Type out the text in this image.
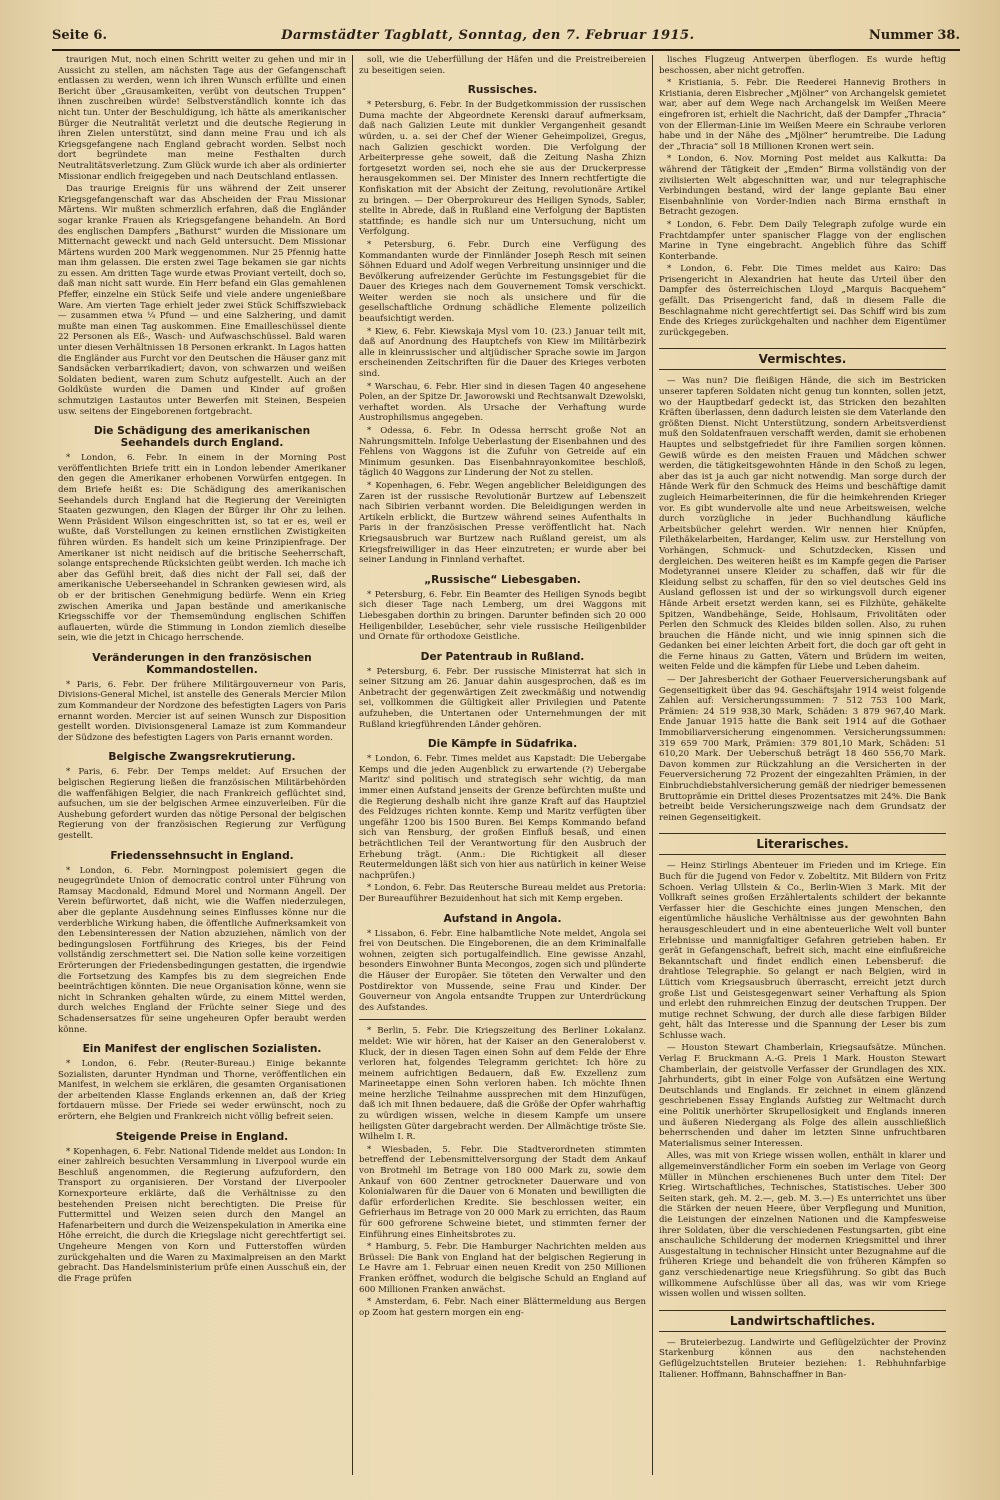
Seite 6.	Darmstädter Tagblatt, Sonntag, den 7. Februar 1915.	Nummer 38.

traurigen Mut, noch einen Schritt weiter zu gehen und mir in Aussicht zu stellen, am nächsten Tage aus der Gefangenschaft entlassen zu werden, wenn ich ihren Wunsch erfüllte und einen Bericht über „Grausamkeiten, verübt von deutschen Truppen“ ihnen zuschreiben würde! Selbstverständlich konnte ich das nicht tun. Unter der Beschuldigung, ich hätte als amerikanischer Bürger die Neutralität verletzt und die deutsche Regierung in ihren Zielen unterstützt, sind dann meine Frau und ich als Kriegsgefangene nach England gebracht worden. Selbst noch dort begründete man meine Festhalten durch Neutralitätsverletzung. Zum Glück wurde ich aber als ordinierter Missionar endlich freigegeben und nach Deutschland entlassen.

Das traurige Ereignis für uns während der Zeit unserer Kriegsgefangenschaft war das Abscheiden der Frau Missionar Märtens. Wir mußten schmerzlich erfahren, daß die Engländer sogar kranke Frauen als Kriegsgefangene behandeln. An Bord des englischen Dampfers „Bathurst“ wurden die Missionare um Mitternacht geweckt und nach Geld untersucht. Dem Missionar Märtens wurden 200 Mark weggenommen. Nur 25 Pfennig hatte man ihm gelassen. Die ersten zwei Tage bekamen sie gar nichts zu essen. Am dritten Tage wurde etwas Proviant verteilt, doch so, daß man nicht satt wurde. Ein Herr befand ein Glas gemahlenen Pfeffer, einzelne ein Stück Seife und viele andere ungenießbare Ware. Am vierten Tage erhielt jeder zwei Stück Schiffszwieback — zusammen etwa ¼ Pfund — und eine Salzhering, und damit mußte man einen Tag auskommen. Eine Emailleschüssel diente 22 Personen als Eß-, Wasch- und Aufwaschschüssel. Bald waren unter diesen Verhältnissen 18 Personen erkrankt. In Lagos hatten die Engländer aus Furcht vor den Deutschen die Häuser ganz mit Sandsäcken verbarrikadiert; davon, von schwarzen und weißen Soldaten bedient, waren zum Schutz aufgestellt. Auch an der Goldküste wurden die Damen und Kinder auf großen schmutzigen Lastautos unter Bewerfen mit Steinen, Bespeien usw. seitens der Eingeborenen fortgebracht.

Die Schädigung des amerikanischen Seehandels durch England.

* London, 6. Febr. In einem in der Morning Post veröffentlichten Briefe tritt ein in London lebender Amerikaner den gegen die Amerikaner erhobenen Vorwürfen entgegen. In dem Briefe heißt es: Die Schädigung des amerikanischen Seehandels durch England hat die Regierung der Vereinigten Staaten gezwungen, den Klagen der Bürger ihr Ohr zu leihen. Wenn Präsident Wilson eingeschritten ist, so tat er es, weil er wußte, daß Vorstellungen zu keinen ernstlichen Zwistigkeiten führen würden. Es handelt sich um keine Prinzipienfrage. Der Amerikaner ist nicht neidisch auf die britische Seeherrschaft, solange entsprechende Rücksichten geübt werden. Ich mache ich aber das Gefühl breit, daß dies nicht der Fall sei, daß der amerikanische Ueberseehandel in Schranken gewiesen wird, als ob er der britischen Genehmigung bedürfe. Wenn ein Krieg zwischen Amerika und Japan bestände und amerikanische Kriegsschiffe vor der Themsemündung englischen Schiffen auflauerten, würde die Stimmung in London ziemlich dieselbe sein, wie die jetzt in Chicago herrschende.

Veränderungen in den französischen Kommandostellen.

* Paris, 6. Febr. Der frühere Militärgouverneur von Paris, Divisions-General Michel, ist anstelle des Generals Mercier Milon zum Kommandeur der Nordzone des befestigten Lagers von Paris ernannt worden. Mercier ist auf seinen Wunsch zur Disposition gestellt worden. Divisionsgeneral Lamaze ist zum Kommandeur der Südzone des befestigten Lagers von Paris ernannt worden.

Belgische Zwangsrekrutierung.

* Paris, 6. Febr. Der Temps meldet: Auf Ersuchen der belgischen Regierung ließen die französischen Militärbehörden die waffenfähigen Belgier, die nach Frankreich geflüchtet sind, aufsuchen, um sie der belgischen Armee einzuverleiben. Für die Aushebung gefordert wurden das nötige Personal der belgischen Regierung von der französischen Regierung zur Verfügung gestellt.

Friedenssehnsucht in England.

* London, 6. Febr. Morningpost polemisiert gegen die neugegründete Union of democratic control unter Führung von Ramsay Macdonald, Edmund Morel und Normann Angell. Der Verein befürwortet, daß nicht, wie die Waffen niederzulegen, aber die geplante Ausdehnung seines Einflusses könne nur die verderbliche Wirkung haben, die öffentliche Aufmerksamkeit von den Lebensinteressen der Nation abzuziehen, nämlich von der bedingungslosen Fortführung des Krieges, bis der Feind vollständig zerschmettert sei. Die Nation solle keine vorzeitigen Erörterungen der Friedensbedingungen gestatten, die irgendwie die Fortsetzung des Kampfes bis zu dem siegreichen Ende beeinträchtigen könnten. Die neue Organisation könne, wenn sie nicht in Schranken gehalten würde, zu einem Mittel werden, durch welches England der Früchte seiner Siege und des Schadensersatzes für seine ungeheuren Opfer beraubt werden könne.

Ein Manifest der englischen Sozialisten.

* London, 6. Febr. (Reuter-Bureau.) Einige bekannte Sozialisten, darunter Hyndman und Thorne, veröffentlichen ein Manifest, in welchem sie erklären, die gesamten Organisationen der arbeitenden Klasse Englands erkennen an, daß der Krieg fortdauern müsse. Der Friede sei weder erwünscht, noch zu erörtern, ehe Belgien und Frankreich nicht völlig befreit seien.

Steigende Preise in England.

* Kopenhagen, 6. Febr. National Tidende meldet aus London: In einer zahlreich besuchten Versammlung in Liverpool wurde ein Beschluß angenommen, die Regierung aufzufordern, den Transport zu organisieren. Der Vorstand der Liverpooler Kornexporteure erklärte, daß die Verhältnisse zu den bestehenden Preisen nicht berechtigten. Die Preise für Futtermittel und Weizen seien durch den Mangel an Hafenarbeitern und durch die Weizenspekulation in Amerika eine Höhe erreicht, die durch die Kriegslage nicht gerechtfertigt sei. Ungeheure Mengen von Korn und Futterstoffen würden zurückgehalten und die Waren zu Maximalpreisen an den Markt gebracht. Das Handelsministerium prüfe einen Ausschuß ein, der die Frage prüfen

soll, wie die Ueberfüllung der Häfen und die Preistreibereien zu beseitigen seien.

Russisches.

* Petersburg, 6. Febr. In der Budgetkommission der russischen Duma machte der Abgeordnete Kerenski darauf aufmerksam, daß nach Galizien Leute mit dunkler Vergangenheit gesandt würden, u. a. sei der Chef der Wiener Geheimpolizei, Gregus, nach Galizien geschickt worden. Die Verfolgung der Arbeiterpresse gehe soweit, daß die Zeitung Nasha Zhizn fortgesetzt worden sei, noch ehe sie aus der Druckerpresse herausgekommen sei. Der Minister des Innern rechtfertigte die Konfiskation mit der Absicht der Zeitung, revolutionäre Artikel zu bringen. — Der Oberprokureur des Heiligen Synods, Sabler, stellte in Abrede, daß in Rußland eine Verfolgung der Baptisten stattfinde; es handle sich nur um Untersuchung, nicht um Verfolgung.

* Petersburg, 6. Febr. Durch eine Verfügung des Kommandanten wurde der Finnländer Joseph Resch mit seinen Söhnen Eduard und Adolf wegen Verbreitung unsinniger und die Bevölkerung aufreizender Gerüchte im Festungsgebiet für die Dauer des Krieges nach dem Gouvernement Tomsk verschickt. Weiter werden sie noch als unsichere und für die gesellschaftliche Ordnung schädliche Elemente polizeilich beaufsichtigt werden.

* Kiew, 6. Febr. Kiewskaja Mysl vom 10. (23.) Januar teilt mit, daß auf Anordnung des Hauptchefs von Kiew im Militärbezirk alle in kleinrussischer und altjüdischer Sprache sowie im Jargon erscheinenden Zeitschriften für die Dauer des Krieges verboten sind.

* Warschau, 6. Febr. Hier sind in diesen Tagen 40 angesehene Polen, an der Spitze Dr. Jaworowski und Rechtsanwalt Dzewolski, verhaftet worden. Als Ursache der Verhaftung wurde Austrophilismus angegeben.

* Odessa, 6. Febr. In Odessa herrscht große Not an Nahrungsmitteln. Infolge Ueberlastung der Eisenbahnen und des Fehlens von Waggons ist die Zufuhr von Getreide auf ein Minimum gesunken. Das Eisenbahnrayonkomitee beschloß, täglich 40 Waggons zur Linderung der Not zu stellen.

* Kopenhagen, 6. Febr. Wegen angeblicher Beleidigungen des Zaren ist der russische Revolutionär Burtzew auf Lebenszeit nach Sibirien verbannt worden. Die Beleidigungen werden in Artikeln erblickt, die Burtzew während seines Aufenthalts in Paris in der französischen Presse veröffentlicht hat. Nach Kriegsausbruch war Burtzew nach Rußland gereist, um als Kriegsfreiwilliger in das Heer einzutreten; er wurde aber bei seiner Landung in Finnland verhaftet.

„Russische“ Liebesgaben.

* Petersburg, 6. Febr. Ein Beamter des Heiligen Synods begibt sich dieser Tage nach Lemberg, um drei Waggons mit Liebesgaben dorthin zu bringen. Darunter befinden sich 20 000 Heiligenbilder, Lesebücher, sehr viele russische Heiligenbilder und Ornate für orthodoxe Geistliche.

Der Patentraub in Rußland.

* Petersburg, 6. Febr. Der russische Ministerrat hat sich in seiner Sitzung am 26. Januar dahin ausgesprochen, daß es im Anbetracht der gegenwärtigen Zeit zweckmäßig und notwendig sei, vollkommen die Gültigkeit aller Privilegien und Patente aufzuheben, die Untertanen oder Unternehmungen der mit Rußland kriegführenden Länder gehören.

Die Kämpfe in Südafrika.

* London, 6. Febr. Times meldet aus Kapstadt: Die Uebergabe Kemps und die jeden Augenblick zu erwartende (?) Uebergabe Maritz' sind politisch und strategisch sehr wichtig, da man immer einen Aufstand jenseits der Grenze befürchten mußte und die Regierung deshalb nicht ihre ganze Kraft auf das Hauptziel des Feldzuges richten konnte. Kemp und Maritz verfügten über ungefähr 1200 bis 1500 Buren. Bei Kemps Kommando befand sich van Rensburg, der großen Einfluß besaß, und einen beträchtlichen Teil der Verantwortung für den Ausbruch der Erhebung trägt. (Anm.: Die Richtigkeit all dieser Reutermeldungen läßt sich von hier aus natürlich in keiner Weise nachprüfen.)

* London, 6. Febr. Das Reutersche Bureau meldet aus Pretoria: Der Bureauführer Bezuidenhout hat sich mit Kemp ergeben.

Aufstand in Angola.

* Lissabon, 6. Febr. Eine halbamtliche Note meldet, Angola sei frei von Deutschen. Die Eingeborenen, die an dem Kriminalfalle wohnen, zeigten sich portugalfeindlich. Eine gewisse Anzahl, besonders Einwohner Bunta Mecongos, zogen sich und plünderte die Häuser der Europäer. Sie töteten den Verwalter und den Postdirektor von Mussende, seine Frau und Kinder. Der Gouverneur von Angola entsandte Truppen zur Unterdrückung des Aufstandes.

* Berlin, 5. Febr. Die Kriegszeitung des Berliner Lokalanz. meldet: Wie wir hören, hat der Kaiser an den Generaloberst v. Kluck, der in diesen Tagen einen Sohn auf dem Felde der Ehre verloren hat, folgendes Telegramm gerichtet: Ich höre zu meinem aufrichtigen Bedauern, daß Ew. Exzellenz zum Marineetappe einen Sohn verloren haben. Ich möchte Ihnen meine herzliche Teilnahme aussprechen mit dem Hinzufügen, daß ich mit Ihnen bedauere, daß die Größe der Opfer wahrhaftig zu würdigen wissen, welche in diesem Kampfe um unsere heiligsten Güter dargebracht werden. Der Allmächtige tröste Sie. Wilhelm I. R.

* Wiesbaden, 5. Febr. Die Stadtverordneten stimmten betreffend der Lebensmittelversorgung der Stadt dem Ankauf von Brotmehl im Betrage von 180 000 Mark zu, sowie dem Ankauf von 600 Zentner getrockneter Dauerware und von Kolonialwaren für die Dauer von 6 Monaten und bewilligten die dafür erforderlichen Kredite. Sie beschlossen weiter, ein Gefrierhaus im Betrage von 20 000 Mark zu errichten, das Raum für 600 gefrorene Schweine bietet, und stimmten ferner der Einführung eines Einheitsbrotes zu.

* Hamburg, 5. Febr. Die Hamburger Nachrichten melden aus Brüssel: Die Bank von England hat der belgischen Regierung in Le Havre am 1. Februar einen neuen Kredit von 250 Millionen Franken eröffnet, wodurch die belgische Schuld an England auf 600 Millionen Franken anwächst.

* Amsterdam, 6. Febr. Nach einer Blättermeldung aus Bergen op Zoom hat gestern morgen ein eng-

lisches Flugzeug Antwerpen überflogen. Es wurde heftig beschossen, aber nicht getroffen.

* Kristiania, 5. Febr. Die Reederei Hannevig Brothers in Kristiania, deren Eisbrecher „Mjölner“ von Archangelsk gemietet war, aber auf dem Wege nach Archangelsk im Weißen Meere eingefroren ist, erhielt die Nachricht, daß der Dampfer „Thracia“ von der Ellerman-Linie im Weißen Meere ein Schraube verloren habe und in der Nähe des „Mjölner“ herumtreibe. Die Ladung der „Thracia“ soll 18 Millionen Kronen wert sein.

* London, 6. Nov. Morning Post meldet aus Kalkutta: Da während der Tätigkeit der „Emden“ Birma vollständig von der zivilisierten Welt abgeschnitten war, und nur telegraphische Verbindungen bestand, wird der lange geplante Bau einer Eisenbahnlinie von Vorder-Indien nach Birma ernsthaft in Betracht gezogen.

* London, 6. Febr. Dem Daily Telegraph zufolge wurde ein Frachtdampfer unter spanischer Flagge von der englischen Marine in Tyne eingebracht. Angeblich führe das Schiff Konterbande.

* London, 6. Febr. Die Times meldet aus Kairo: Das Prisengericht in Alexandrien hat heute das Urteil über den Dampfer des österreichischen Lloyd „Marquis Bacquehem“ gefällt. Das Prisengericht fand, daß in diesem Falle die Beschlagnahme nicht gerechtfertigt sei. Das Schiff wird bis zum Ende des Krieges zurückgehalten und nachher dem Eigentümer zurückgegeben.

Vermischtes.

— Was nun? Die fleißigen Hände, die sich im Bestricken unserer tapferen Soldaten nicht genug tun konnten, sollen jetzt, wo der Hauptbedarf gedeckt ist, das Stricken den bezahlten Kräften überlassen, denn dadurch leisten sie dem Vaterlande den größten Dienst. Nicht Unterstützung, sondern Arbeitsverdienst muß den Soldatenfrauen verschafft werden, damit sie erhobenen Hauptes und selbstgefriedet für ihre Familien sorgen können. Gewiß würde es den meisten Frauen und Mädchen schwer werden, die tätigkeitsgewohnten Hände in den Schoß zu legen, aber das ist ja auch gar nicht notwendig. Man sorge durch der Hände Werk für den Schmuck des Heims und beschäftige damit zugleich Heimarbeiterinnen, die für die heimkehrenden Krieger vor. Es gibt wundervolle alte und neue Arbeitsweisen, welche durch vorzügliche in jeder Buchhandlung käufliche Arbeitsbücher gelehrt werden. Wir nennen hier Knüpfen, Filethäkelarbeiten, Hardanger, Kelim usw. zur Herstellung von Vorhängen, Schmuck- und Schutzdecken, Kissen und dergleichen. Des weiteren heißt es im Kampfe gegen die Pariser Modetyrannei unsere Kleider zu schaffen, daß wir für die Kleidung selbst zu schaffen, für den so viel deutsches Geld ins Ausland geflossen ist und der so wirkungsvoll durch eigener Hände Arbeit ersetzt werden kann, sei es Filzhüte, gehäkelte Spitzen, Wandbehänge, Seide, Hohlsaum, Frivolitäten oder Perlen den Schmuck des Kleides bilden sollen. Also, zu ruhen brauchen die Hände nicht, und wie innig spinnen sich die Gedanken bei einer leichten Arbeit fort, die doch gar oft geht in die Ferne hinaus zu Gatten, Vätern und Brüdern im weiten, weiten Felde und die kämpfen für Liebe und Leben daheim.

— Der Jahresbericht der Gothaer Feuerversicherungsbank auf Gegenseitigkeit über das 94. Geschäftsjahr 1914 weist folgende Zahlen auf: Versicherungssummen: 7 512 753 100 Mark, Prämien: 24 519 938,30 Mark, Schäden: 3 879 967,40 Mark. Ende Januar 1915 hatte die Bank seit 1914 auf die Gothaer Immobiliarversicherung eingenommen. Versicherungssummen: 319 659 700 Mark, Prämien: 379 801,10 Mark, Schäden: 51 610,20 Mark. Der Ueberschuß beträgt 18 460 556,70 Mark. Davon kommen zur Rückzahlung an die Versicherten in der Feuerversicherung 72 Prozent der eingezahlten Prämien, in der Einbruchdiebstahlversicherung gemäß der niedriger bemessenen Bruttoprämie ein Drittel dieses Prozentsatzes mit 24%. Die Bank betreibt beide Versicherungszweige nach dem Grundsatz der reinen Gegenseitigkeit.

Literarisches.

— Heinz Stirlings Abenteuer im Frieden und im Kriege. Ein Buch für die Jugend von Fedor v. Zobeltitz. Mit Bildern von Fritz Schoen. Verlag Ullstein & Co., Berlin-Wien 3 Mark. Mit der Vollkraft seines großen Erzählertalents schildert der bekannte Verfasser hier die Geschichte eines jungen Menschen, den eigentümliche häusliche Verhältnisse aus der gewohnten Bahn herausgeschleudert und in eine abenteuerliche Welt voll bunter Erlebnisse und mannigfaltiger Gefahren getrieben haben. Er gerät in Gefangenschaft, befreit sich, macht eine einflußreiche Bekanntschaft und findet endlich einen Lebensberuf: die drahtlose Telegraphie. So gelangt er nach Belgien, wird in Lüttich vom Kriegsausbruch überrascht, erreicht jetzt durch große List und Geistesgegenwart seiner Verhaftung als Spion und erlebt den ruhmreichen Einzug der deutschen Truppen. Der mutige rechnet Schwung, der durch alle diese farbigen Bilder geht, hält das Interesse und die Spannung der Leser bis zum Schlusse wach.

— Houston Stewart Chamberlain, Kriegsaufsätze. München. Verlag F. Bruckmann A.-G. Preis 1 Mark. Houston Stewart Chamberlain, der geistvolle Verfasser der Grundlagen des XIX. Jahrhunderts, gibt in einer Folge von Aufsätzen eine Wertung Deutschlands und Englands. Er zeichnet in einem glänzend geschriebenen Essay Englands Aufstieg zur Weltmacht durch eine Politik unerhörter Skrupellosigkeit und Englands inneren und äußeren Niedergang als Folge des allein ausschließlich beherrschenden und daher im letzten Sinne unfruchtbaren Materialismus seiner Interessen.

Alles, was mit von Kriege wissen wollen, enthält in klarer und allgemeinverständlicher Form ein soeben im Verlage von Georg Müller in München erschienenes Buch unter dem Titel: Der Krieg. Wirtschaftliches, Technisches, Statistisches. Ueber 300 Seiten stark, geh. M. 2.—, geb. M. 3.—) Es unterrichtet uns über die Stärken der neuen Heere, über Verpflegung und Munition, die Leistungen der einzelnen Nationen und die Kampfesweise ihrer Soldaten, über die verschiedenen Festungsarten, gibt eine anschauliche Schilderung der modernen Kriegsmittel und ihrer Ausgestaltung in technischer Hinsicht unter Bezugnahme auf die früheren Kriege und behandelt die von früheren Kämpfen so ganz verschiedenartige neue Kriegsführung. So gibt das Buch willkommene Aufschlüsse über all das, was wir vom Kriege wissen wollen und wissen sollten.

Landwirtschaftliches.

— Bruteierbezug. Landwirte und Geflügelzüchter der Provinz Starkenburg können aus den nachstehenden Geflügelzuchtstellen Bruteier beziehen: 1. Rebhuhnfarbige Italiener. Hoffmann, Bahnschaffner in Ban-
